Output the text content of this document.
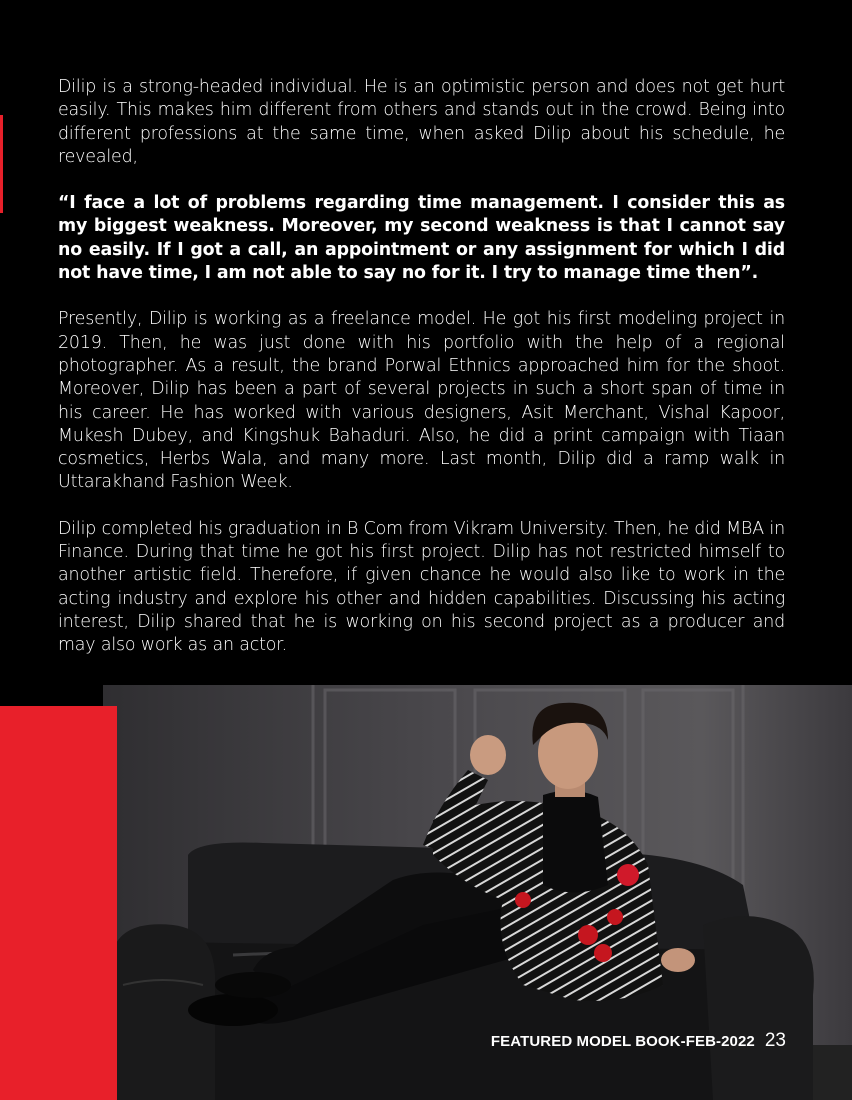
Dilip is a strong-headed individual. He is an optimistic person and does not get hurt easily. This makes him different from others and stands out in the crowd. Being into different professions at the same time, when asked Dilip about his schedule, he revealed,

“I face a lot of problems regarding time management. I consider this as my biggest weakness. Moreover, my second weakness is that I cannot say no easily. If I got a call, an appointment or any assignment for which I did not have time, I am not able to say no for it. I try to manage time then”.

Presently, Dilip is working as a freelance model. He got his first modeling project in 2019. Then, he was just done with his portfolio with the help of a regional photographer. As a result, the brand Porwal Ethnics approached him for the shoot. Moreover, Dilip has been a part of several projects in such a short span of time in his career. He has worked with various designers, Asit Merchant, Vishal Kapoor, Mukesh Dubey, and Kingshuk Bahaduri. Also, he did a print campaign with Tiaan cosmetics, Herbs Wala, and many more. Last month, Dilip did a ramp walk in Uttarakhand Fashion Week.

Dilip completed his graduation in B Com from Vikram University. Then, he did MBA in Finance. During that time he got his first project. Dilip has not restricted himself to another artistic field. Therefore, if given chance he would also like to work in the acting industry and explore his other and hidden capabilities. Discussing his acting interest, Dilip shared that he is working on his second project as a producer and may also work as an actor.

FEATURED MODEL BOOK-FEB-2022 23
